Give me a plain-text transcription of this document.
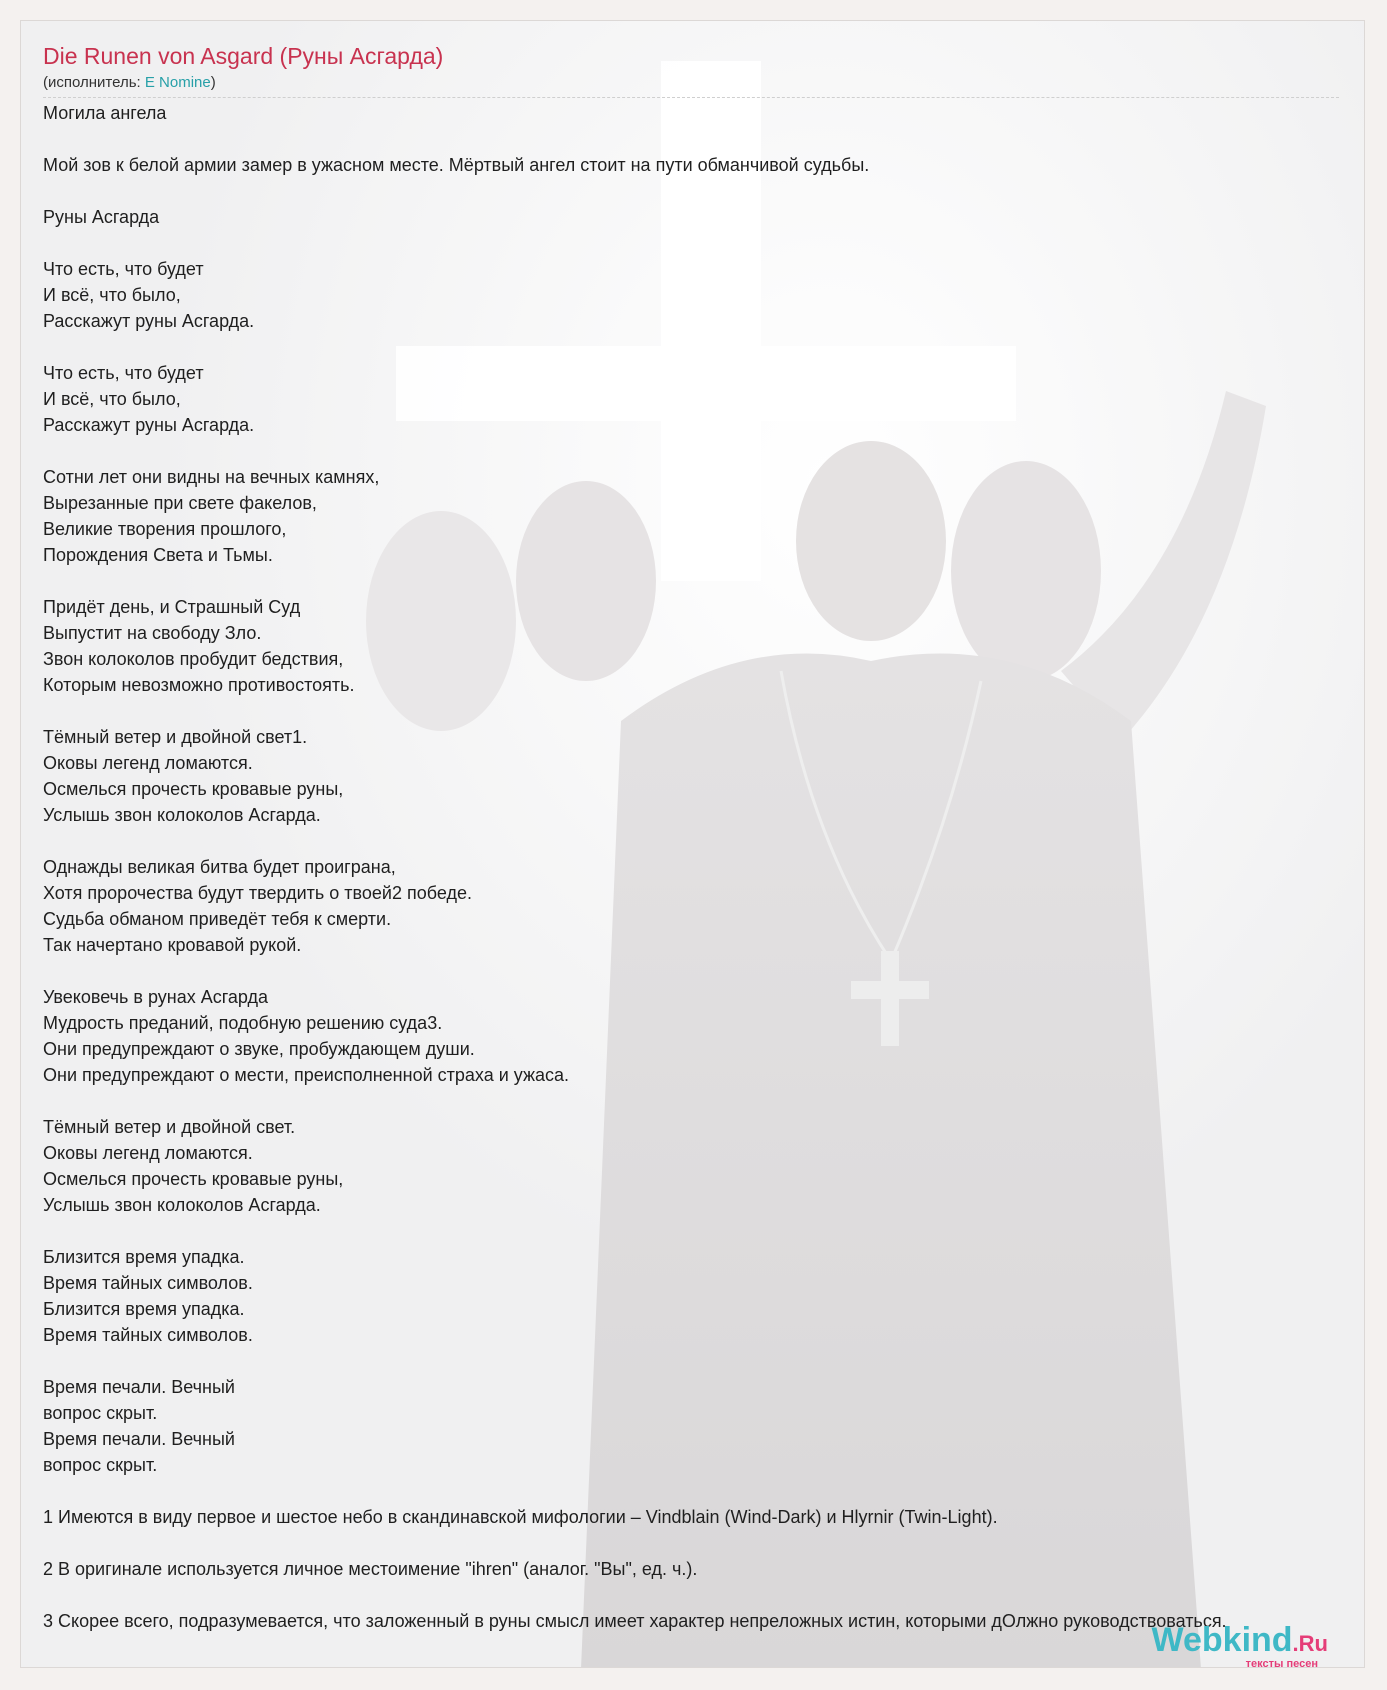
Die Runen von Asgard (Руны Асгарда)
(исполнитель: E Nomine)
Могила ангела
Мой зов к белой армии замер в ужасном месте. Мёртвый ангел стоит на пути обманчивой судьбы.
Руны Асгарда
Что есть, что будет
И всё, что было,
Расскажут руны Асгарда.
Что есть, что будет
И всё, что было,
Расскажут руны Асгарда.
Сотни лет они видны на вечных камнях,
Вырезанные при свете факелов,
Великие творения прошлого,
Порождения Света и Тьмы.
Придёт день, и Страшный Суд
Выпустит на свободу Зло.
Звон колоколов пробудит бедствия,
Которым невозможно противостоять.
Тёмный ветер и двойной свет1.
Оковы легенд ломаются.
Осмелься прочесть кровавые руны,
Услышь звон колоколов Асгарда.
Однажды великая битва будет проиграна,
Хотя пророчества будут твердить о твоей2 победе.
Судьба обманом приведёт тебя к смерти.
Так начертано кровавой рукой.
Увековечь в рунах Асгарда
Мудрость преданий, подобную решению суда3.
Они предупреждают о звуке, пробуждающем души.
Они предупреждают о мести, преисполненной страха и ужаса.
Тёмный ветер и двойной свет.
Оковы легенд ломаются.
Осмелься прочесть кровавые руны,
Услышь звон колоколов Асгарда.
Близится время упадка.
Время тайных символов.
Близится время упадка.
Время тайных символов.
Время печали. Вечный
вопрос скрыт.
Время печали. Вечный
вопрос скрыт.
1 Имеются в виду первое и шестое небо в скандинавской мифологии – Vindblain (Wind-Dark) и Hlyrnir (Twin-Light).
2 В оригинале используется личное местоимение "ihren" (аналог. "Вы", ед. ч.).
3 Скорее всего, подразумевается, что заложенный в руны смысл имеет характер непреложных истин, которыми дОлжно руководствоваться.
Webkind.Ru
тексты песен
